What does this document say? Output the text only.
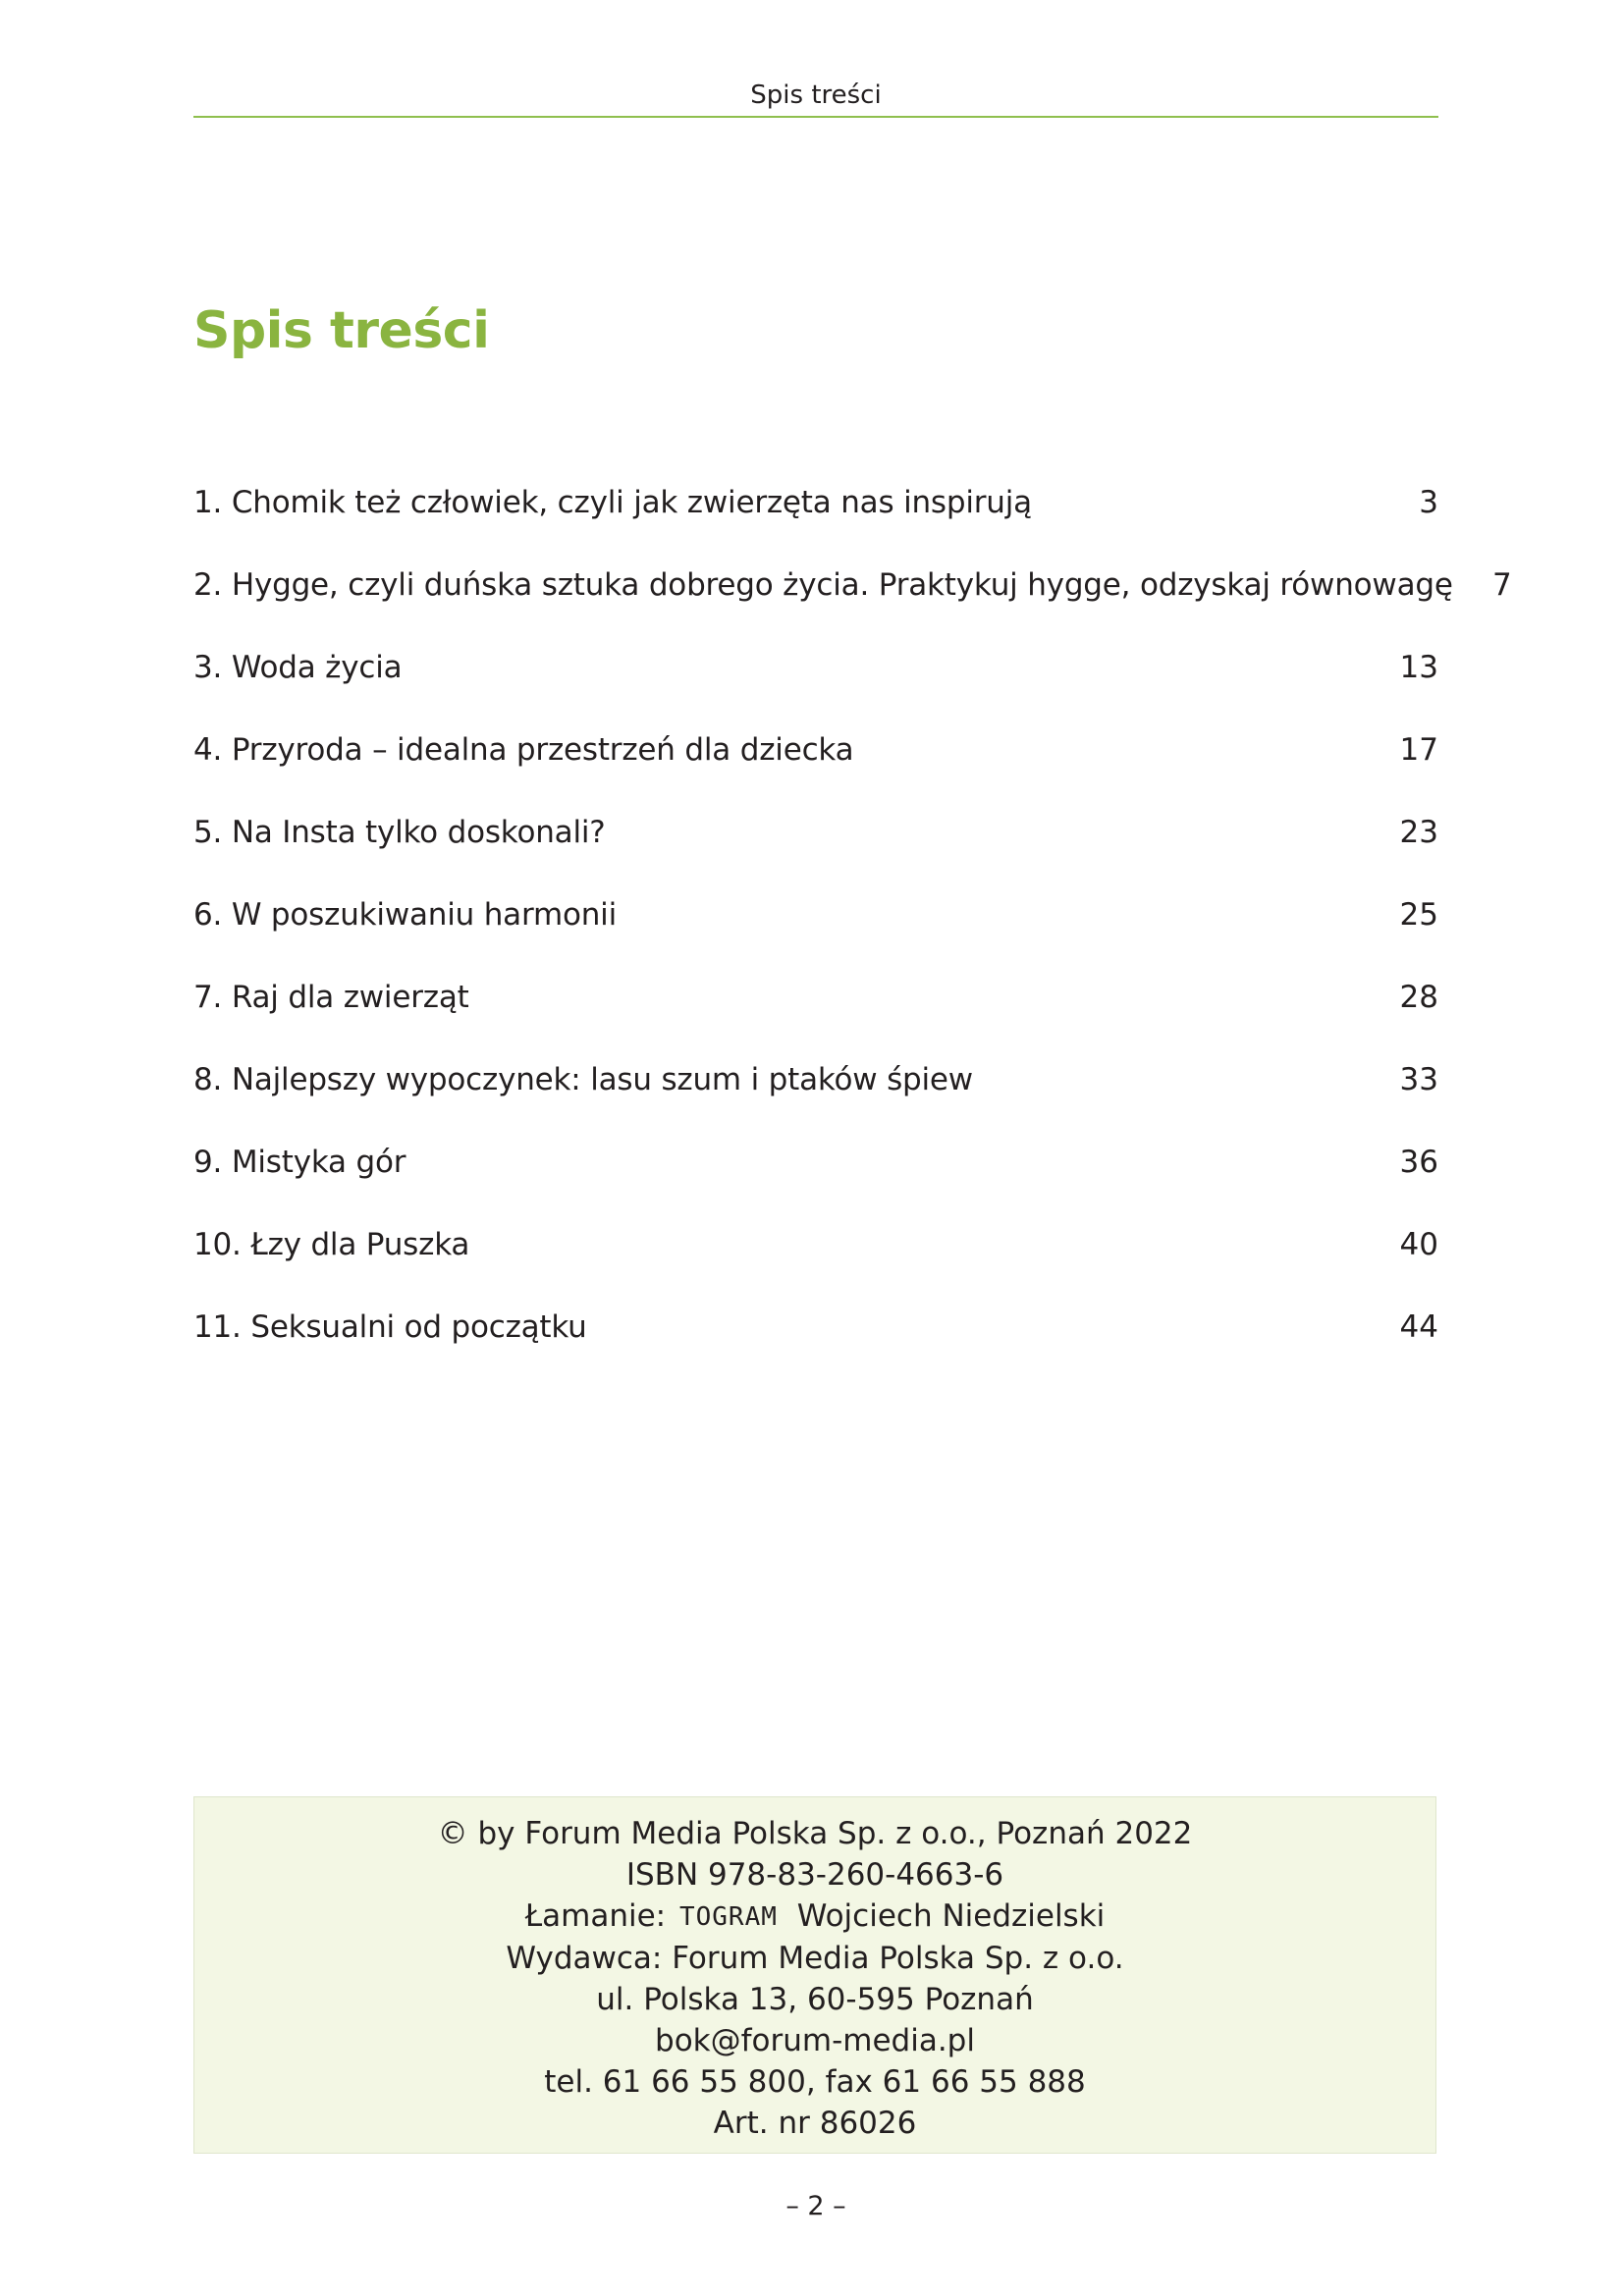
Spis treści
Spis treści
1. Chomik też człowiek, czyli jak zwierzęta nas inspirują	3
2. Hygge, czyli duńska sztuka dobrego życia. Praktykuj hygge, odzyskaj równowagę	7
3. Woda życia	13
4. Przyroda – idealna przestrzeń dla dziecka	17
5. Na Insta tylko doskonali?	23
6. W poszukiwaniu harmonii	25
7. Raj dla zwierząt	28
8. Najlepszy wypoczynek: lasu szum i ptaków śpiew	33
9. Mistyka gór	36
10. Łzy dla Puszka	40
11. Seksualni od początku	44
© by Forum Media Polska Sp. z o.o., Poznań 2022
ISBN 978-83-260-4663-6
Łamanie: TOGRAM Wojciech Niedzielski
Wydawca: Forum Media Polska Sp. z o.o.
ul. Polska 13, 60-595 Poznań
bok@forum-media.pl
tel. 61 66 55 800, fax 61 66 55 888
Art. nr 86026
– 2 –
